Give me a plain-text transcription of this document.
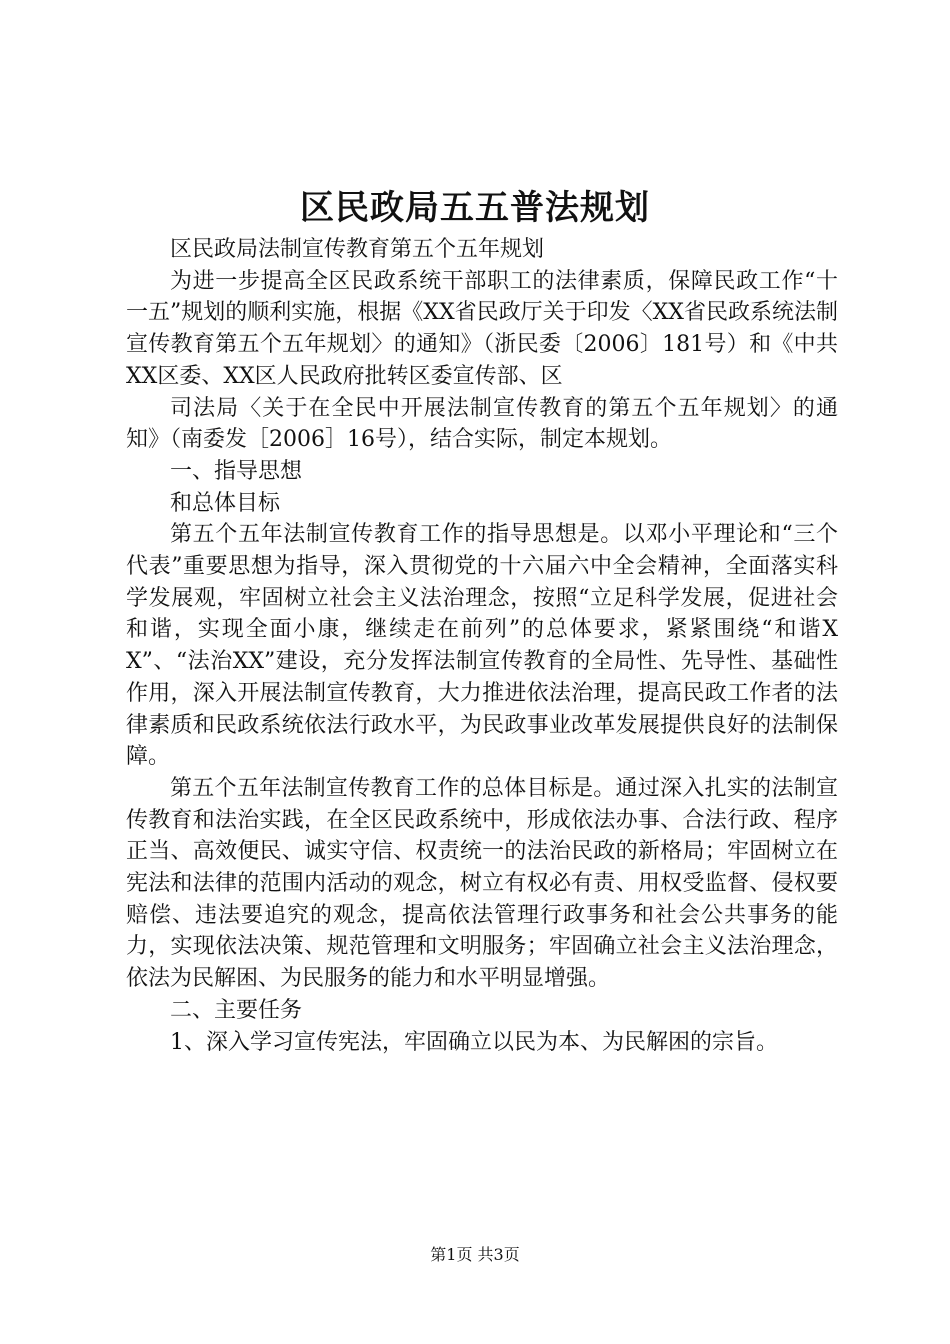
区民政局五五普法规划

区民政局法制宣传教育第五个五年规划

为进一步提高全区民政系统干部职工的法律素质，保障民政工作“十一五”规划的顺利实施，根据《XX省民政厅关于印发〈XX省民政系统法制宣传教育第五个五年规划〉的通知》（浙民委〔2006〕181号）和《中共XX区委、XX区人民政府批转区委宣传部、区

司法局〈关于在全民中开展法制宣传教育的第五个五年规划〉的通知》（南委发［2006］16号），结合实际，制定本规划。

一、指导思想

和总体目标

第五个五年法制宣传教育工作的指导思想是。以邓小平理论和“三个代表”重要思想为指导，深入贯彻党的十六届六中全会精神，全面落实科学发展观，牢固树立社会主义法治理念，按照“立足科学发展，促进社会和谐，实现全面小康，继续走在前列”的总体要求，紧紧围绕“和谐XX”、“法治XX”建设，充分发挥法制宣传教育的全局性、先导性、基础性作用，深入开展法制宣传教育，大力推进依法治理，提高民政工作者的法律素质和民政系统依法行政水平，为民政事业改革发展提供良好的法制保障。

第五个五年法制宣传教育工作的总体目标是。通过深入扎实的法制宣传教育和法治实践，在全区民政系统中，形成依法办事、合法行政、程序正当、高效便民、诚实守信、权责统一的法治民政的新格局；牢固树立在宪法和法律的范围内活动的观念，树立有权必有责、用权受监督、侵权要赔偿、违法要追究的观念，提高依法管理行政事务和社会公共事务的能力，实现依法决策、规范管理和文明服务；牢固确立社会主义法治理念，依法为民解困、为民服务的能力和水平明显增强。

二、主要任务

1、深入学习宣传宪法，牢固确立以民为本、为民解困的宗旨。

第1页 共3页
